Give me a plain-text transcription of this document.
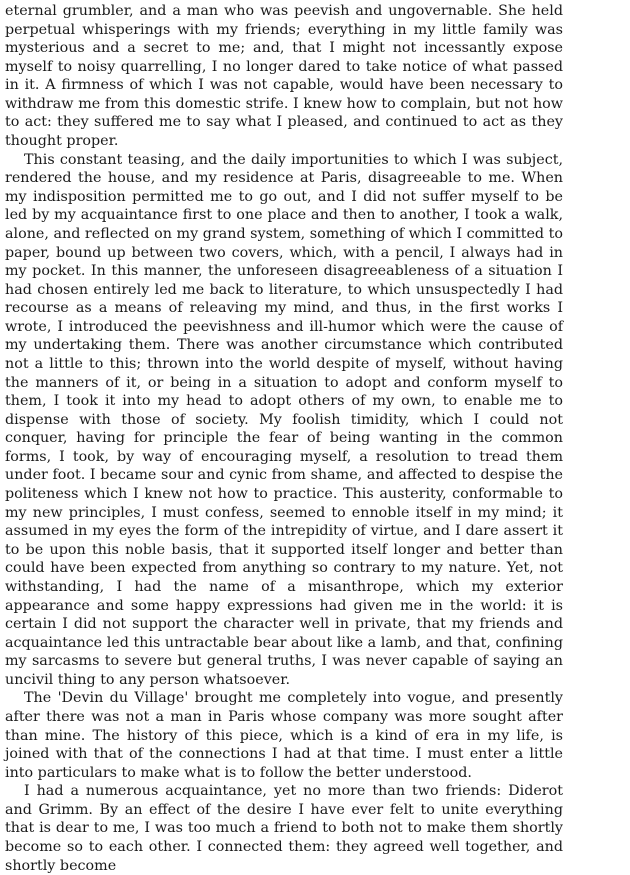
eternal grumbler, and a man who was peevish and ungovernable. She held perpetual whisperings with my friends; everything in my little family was mysterious and a secret to me; and, that I might not incessantly expose myself to noisy quarrelling, I no longer dared to take notice of what passed in it. A firmness of which I was not capable, would have been necessary to withdraw me from this domestic strife. I knew how to complain, but not how to act: they suffered me to say what I pleased, and continued to act as they thought proper.

This constant teasing, and the daily importunities to which I was subject, rendered the house, and my residence at Paris, disagreeable to me. When my indisposition permitted me to go out, and I did not suffer myself to be led by my acquaintance first to one place and then to another, I took a walk, alone, and reflected on my grand system, something of which I committed to paper, bound up between two covers, which, with a pencil, I always had in my pocket. In this manner, the unforeseen disagreeableness of a situation I had chosen entirely led me back to literature, to which unsuspectedly I had recourse as a means of releaving my mind, and thus, in the first works I wrote, I introduced the peevishness and ill-humor which were the cause of my undertaking them. There was another circumstance which contributed not a little to this; thrown into the world despite of myself, without having the manners of it, or being in a situation to adopt and conform myself to them, I took it into my head to adopt others of my own, to enable me to dispense with those of society. My foolish timidity, which I could not conquer, having for principle the fear of being wanting in the common forms, I took, by way of encouraging myself, a resolution to tread them under foot. I became sour and cynic from shame, and affected to despise the politeness which I knew not how to practice. This austerity, conformable to my new principles, I must confess, seemed to ennoble itself in my mind; it assumed in my eyes the form of the intrepidity of virtue, and I dare assert it to be upon this noble basis, that it supported itself longer and better than could have been expected from anything so contrary to my nature. Yet, not withstanding, I had the name of a misanthrope, which my exterior appearance and some happy expressions had given me in the world: it is certain I did not support the character well in private, that my friends and acquaintance led this untractable bear about like a lamb, and that, confining my sarcasms to severe but general truths, I was never capable of saying an uncivil thing to any person whatsoever.

The 'Devin du Village' brought me completely into vogue, and presently after there was not a man in Paris whose company was more sought after than mine. The history of this piece, which is a kind of era in my life, is joined with that of the connections I had at that time. I must enter a little into particulars to make what is to follow the better understood.

I had a numerous acquaintance, yet no more than two friends: Diderot and Grimm. By an effect of the desire I have ever felt to unite everything that is dear to me, I was too much a friend to both not to make them shortly become so to each other. I connected them: they agreed well together, and shortly become
